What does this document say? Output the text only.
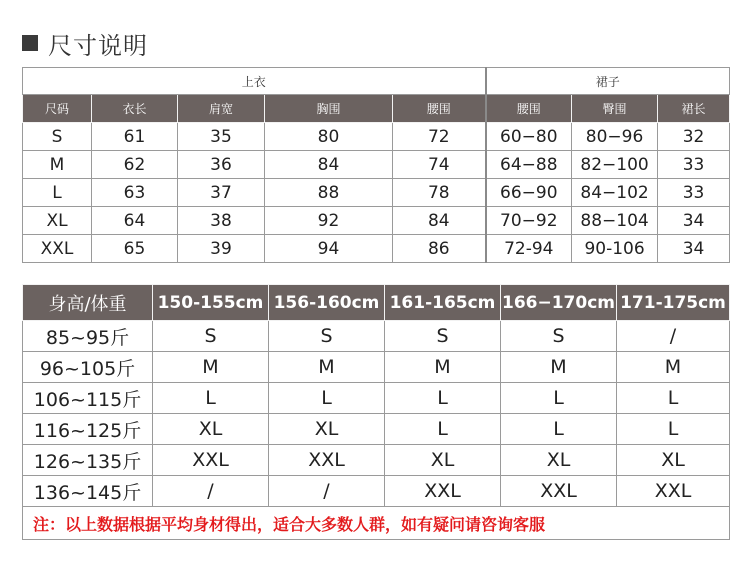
尺寸说明
上衣					裙子		
尺码	衣长	肩宽	胸围	腰围	腰围	臀围	裙长
S	61	35	80	72	60−80	80−96	32
M	62	36	84	74	64−88	82−100	33
L	63	37	88	78	66−90	84−102	33
XL	64	38	92	84	70−92	88−104	34
XXL	65	39	94	86	72-94	90-106	34
身高/体重	150-155cm	156-160cm	161-165cm	166−170cm	171-175cm
85~95斤	S	S	S	S	/
96~105斤	M	M	M	M	M
106~115斤	L	L	L	L	L
116~125斤	XL	XL	L	L	L
126~135斤	XXL	XXL	XL	XL	XL
136~145斤	/	/	XXL	XXL	XXL
注：以上数据根据平均身材得出，适合大多数人群，如有疑问请咨询客服					
